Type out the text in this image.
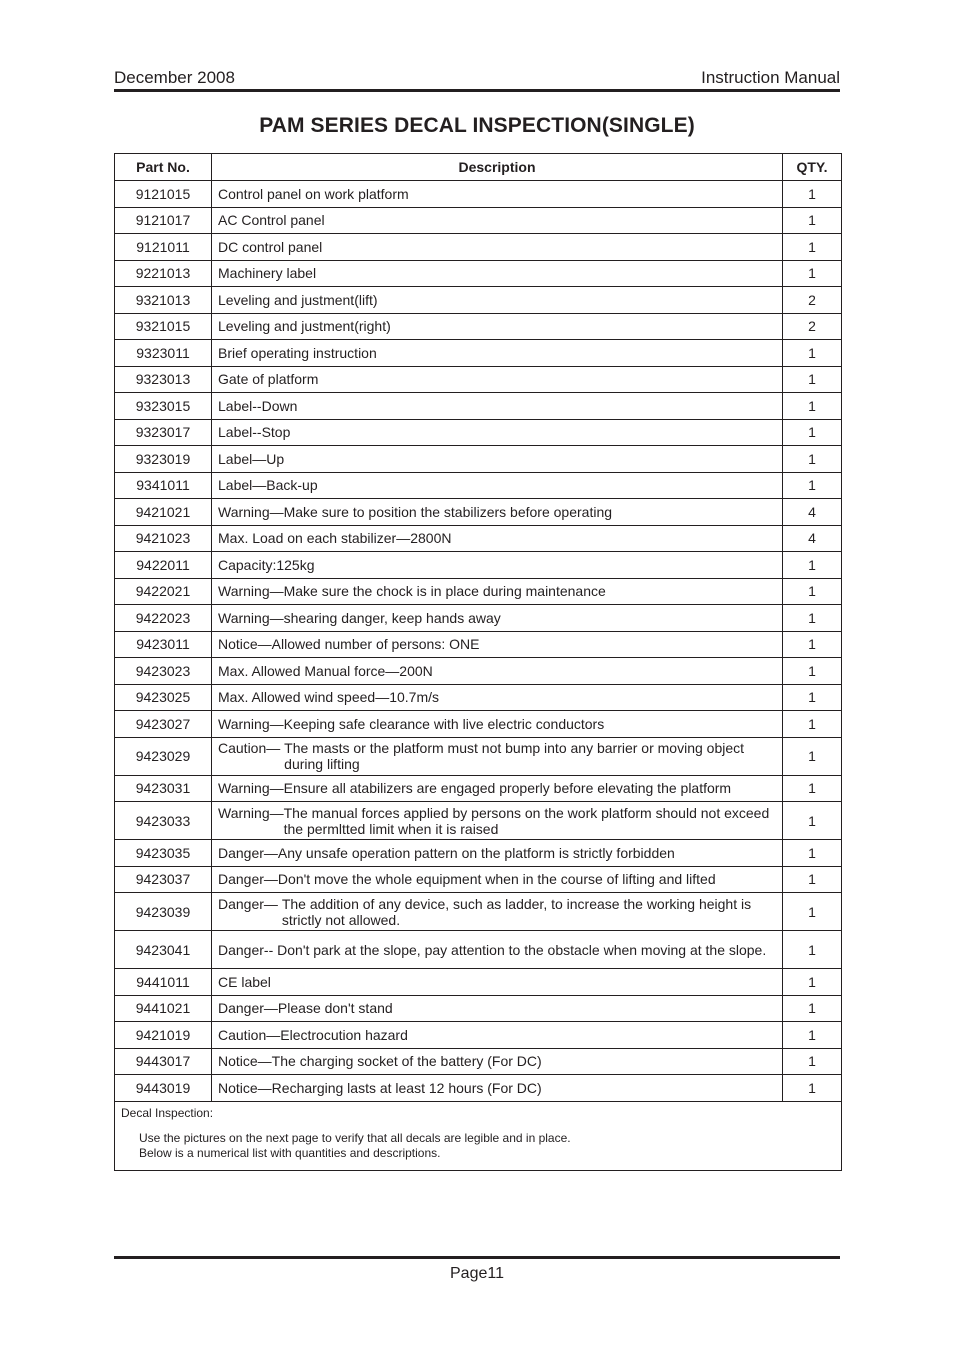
December 2008	Instruction Manual
PAM SERIES DECAL INSPECTION(SINGLE)
Part No.	Description	QTY.
9121015	Control panel on work platform	1
9121017	AC Control panel	1
9121011	DC control panel	1
9221013	Machinery label	1
9321013	Leveling and justment(lift)	2
9321015	Leveling and justment(right)	2
9323011	Brief operating instruction	1
9323013	Gate of platform	1
9323015	Label--Down	1
9323017	Label--Stop	1
9323019	Label—Up	1
9341011	Label—Back-up	1
9421021	Warning—Make sure to position the stabilizers before operating	4
9421023	Max. Load on each stabilizer—2800N	4
9422011	Capacity:125kg	1
9422021	Warning—Make sure the chock is in place during maintenance	1
9422023	Warning—shearing danger, keep hands away	1
9423011	Notice—Allowed number of persons: ONE	1
9423023	Max. Allowed Manual force—200N	1
9423025	Max. Allowed wind speed—10.7m/s	1
9423027	Warning—Keeping safe clearance with live electric conductors	1
9423029	Caution— The masts or the platform must not bump into any barrier or moving object during lifting	1
9423031	Warning—Ensure all atabilizers are engaged properly before elevating the platform	1
9423033	Warning— The manual forces applied by persons on the work platform should not exceed the permltted limit when it is raised	1
9423035	Danger—Any unsafe operation pattern on the platform is strictly forbidden	1
9423037	Danger—Don't move the whole equipment when in the course of lifting and lifted	1
9423039	Danger— The addition of any device, such as ladder, to increase the working height is strictly not allowed.	1
9423041	Danger-- Don't park at the slope, pay attention to the obstacle when moving at the slope.	1
9441011	CE label	1
9441021	Danger—Please don't stand	1
9421019	Caution—Electrocution hazard	1
9443017	Notice—The charging socket of the battery (For DC)	1
9443019	Notice—Recharging lasts at least 12 hours (For DC)	1

Decal Inspection:
Use the pictures on the next page to verify that all decals are legible and in place.
Below is a numerical list with quantities and descriptions.		
Page11
